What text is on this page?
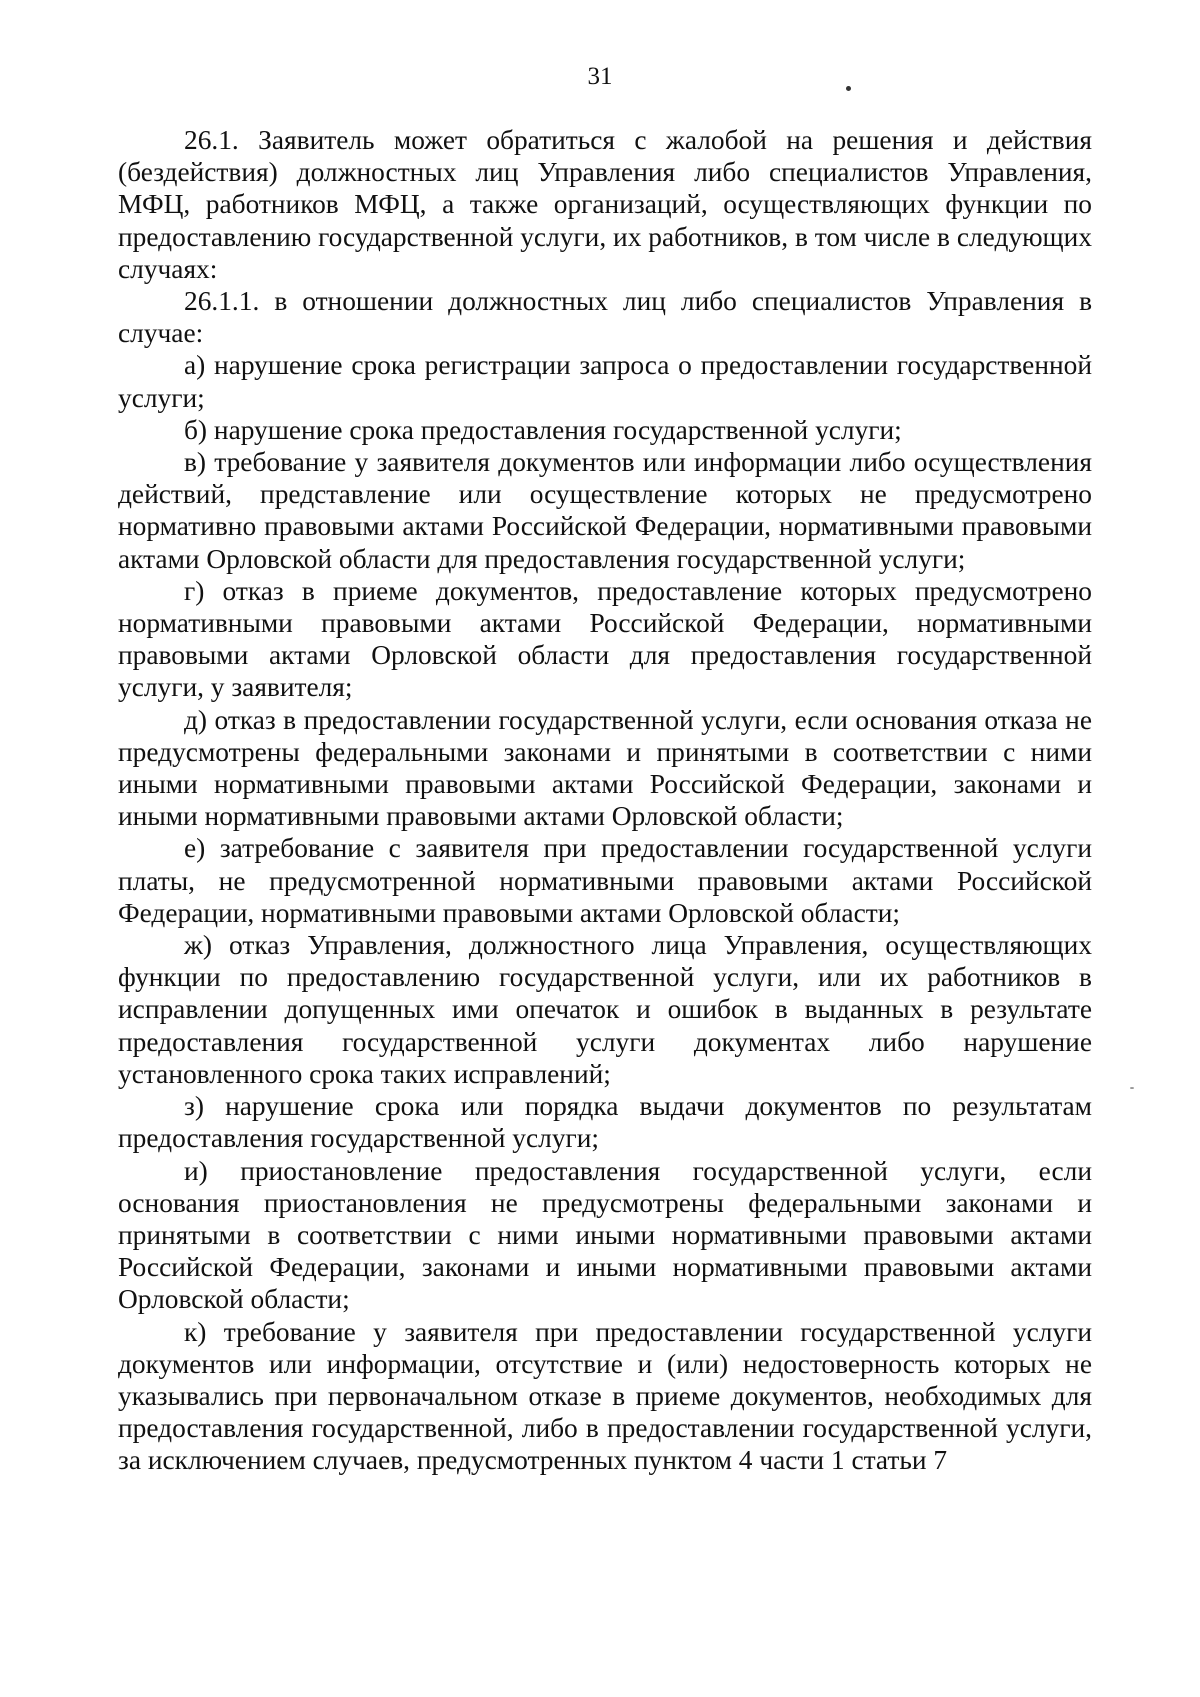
31

26.1. Заявитель может обратиться с жалобой на решения и действия (бездействия) должностных лиц Управления либо специалистов Управления, МФЦ, работников МФЦ, а также организаций, осуществляющих функции по предоставлению государственной услуги, их работников, в том числе в следующих случаях:

26.1.1. в отношении должностных лиц либо специалистов Управления в случае:

а) нарушение срока регистрации запроса о предоставлении государственной услуги;

б) нарушение срока предоставления государственной услуги;

в) требование у заявителя документов или информации либо осуществления действий, представление или осуществление которых не предусмотрено нормативно правовыми актами Российской Федерации, нормативными правовыми актами Орловской области для предоставления государственной услуги;

г) отказ в приеме документов, предоставление которых предусмотрено нормативными правовыми актами Российской Федерации, нормативными правовыми актами Орловской области для предоставления государственной услуги, у заявителя;

д) отказ в предоставлении государственной услуги, если основания отказа не предусмотрены федеральными законами и принятыми в соответствии с ними иными нормативными правовыми актами Российской Федерации, законами и иными нормативными правовыми актами Орловской области;

е) затребование с заявителя при предоставлении государственной услуги платы, не предусмотренной нормативными правовыми актами Российской Федерации, нормативными правовыми актами Орловской области;

ж) отказ Управления, должностного лица Управления, осуществляющих функции по предоставлению государственной услуги, или их работников в исправлении допущенных ими опечаток и ошибок в выданных в результате предоставления государственной услуги документах либо нарушение установленного срока таких исправлений;

з) нарушение срока или порядка выдачи документов по результатам предоставления государственной услуги;

и) приостановление предоставления государственной услуги, если основания приостановления не предусмотрены федеральными законами и принятыми в соответствии с ними иными нормативными правовыми актами Российской Федерации, законами и иными нормативными правовыми актами Орловской области;

к) требование у заявителя при предоставлении государственной услуги документов или информации, отсутствие и (или) недостоверность которых не указывались при первоначальном отказе в приеме документов, необходимых для предоставления государственной, либо в предоставлении государственной услуги, за исключением случаев, предусмотренных пунктом 4 части 1 статьи 7
